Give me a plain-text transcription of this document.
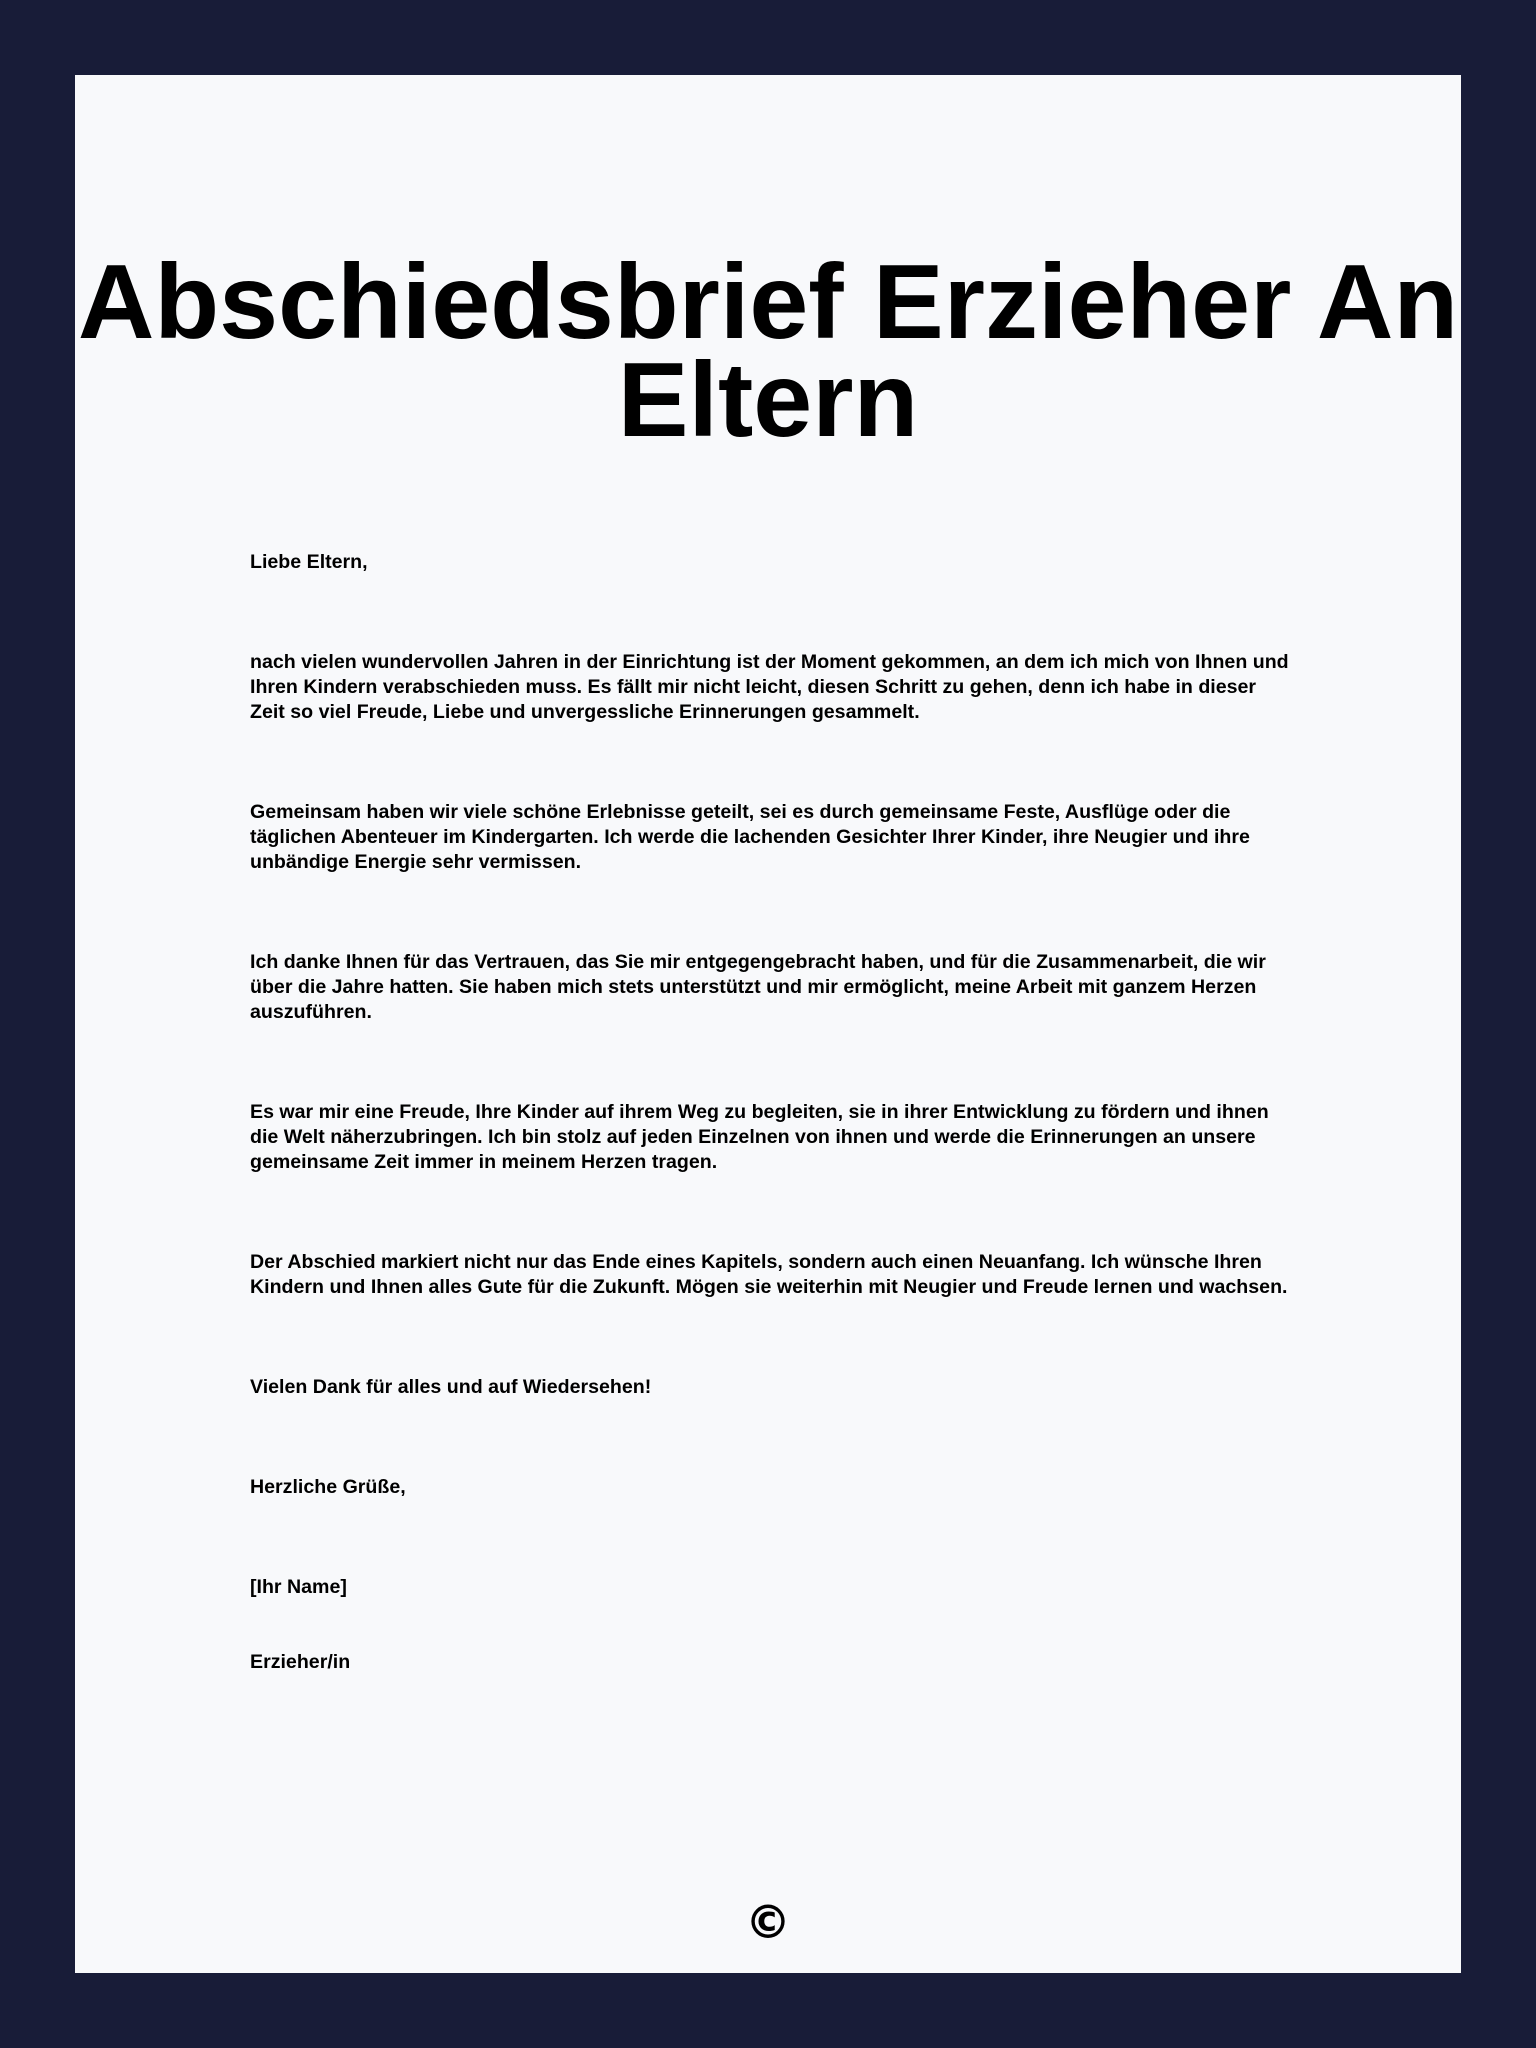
Abschiedsbrief Erzieher An Eltern

Liebe Eltern,

nach vielen wundervollen Jahren in der Einrichtung ist der Moment gekommen, an dem ich mich von Ihnen und Ihren Kindern verabschieden muss. Es fällt mir nicht leicht, diesen Schritt zu gehen, denn ich habe in dieser Zeit so viel Freude, Liebe und unvergessliche Erinnerungen gesammelt.

Gemeinsam haben wir viele schöne Erlebnisse geteilt, sei es durch gemeinsame Feste, Ausflüge oder die täglichen Abenteuer im Kindergarten. Ich werde die lachenden Gesichter Ihrer Kinder, ihre Neugier und ihre unbändige Energie sehr vermissen.

Ich danke Ihnen für das Vertrauen, das Sie mir entgegengebracht haben, und für die Zusammenarbeit, die wir über die Jahre hatten. Sie haben mich stets unterstützt und mir ermöglicht, meine Arbeit mit ganzem Herzen auszuführen.

Es war mir eine Freude, Ihre Kinder auf ihrem Weg zu begleiten, sie in ihrer Entwicklung zu fördern und ihnen die Welt näherzubringen. Ich bin stolz auf jeden Einzelnen von ihnen und werde die Erinnerungen an unsere gemeinsame Zeit immer in meinem Herzen tragen.

Der Abschied markiert nicht nur das Ende eines Kapitels, sondern auch einen Neuanfang. Ich wünsche Ihren Kindern und Ihnen alles Gute für die Zukunft. Mögen sie weiterhin mit Neugier und Freude lernen und wachsen.

Vielen Dank für alles und auf Wiedersehen!

Herzliche Grüße,

[Ihr Name]

Erzieher/in

©
